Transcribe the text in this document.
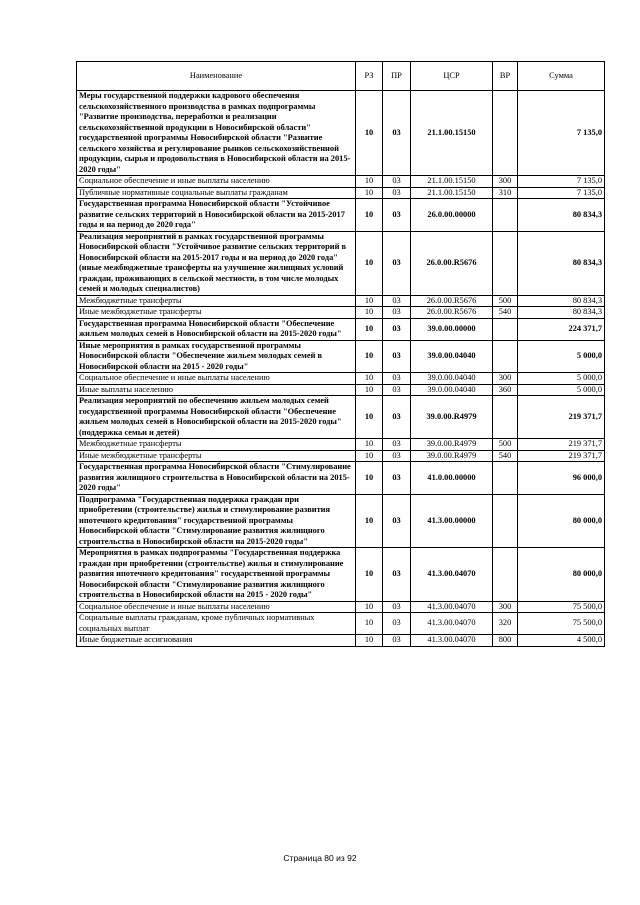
Наименование	РЗ	ПР	ЦСР	ВР	Сумма
Меры государственной поддержки кадрового обеспечения сельскохозяйственного производства в рамках подпрограммы "Развитие производства, переработки и реализации сельскохозяйственной продукции в Новосибирской области" государственной программы Новосибирской области "Развитие сельского хозяйства и регулирование рынков сельскохозяйственной продукции, сырья и продовольствия в Новосибирской области на 2015-2020 годы"	10	03	21.1.00.15150		7 135,0
Социальное обеспечение и иные выплаты населению	10	03	21.1.00.15150	300	7 135,0
Публичные нормативные социальные выплаты гражданам	10	03	21.1.00.15150	310	7 135,0
Государственная программа Новосибирской области "Устойчивое развитие сельских территорий в Новосибирской области на 2015-2017 годы и на период до 2020 года"	10	03	26.0.00.00000		80 834,3
Реализация мероприятий в рамках государственной программы Новосибирской области "Устойчивое развитие сельских территорий в Новосибирской области на 2015-2017 годы и на период до 2020 года" (иные межбюджетные трансферты на улучшение жилищных условий граждан, проживающих в сельской местности, в том числе молодых семей и молодых специалистов)	10	03	26.0.00.R5676		80 834,3
Межбюджетные трансферты	10	03	26.0.00.R5676	500	80 834,3
Иные межбюджетные трансферты	10	03	26.0.00.R5676	540	80 834,3
Государственная программа Новосибирской области "Обеспечение жильем молодых семей в Новосибирской области на 2015-2020 годы"	10	03	39.0.00.00000		224 371,7
Иные мероприятия в рамках государственной программы Новосибирской области "Обеспечение жильем молодых семей в Новосибирской области на 2015 - 2020 годы"	10	03	39.0.00.04040		5 000,0
Социальное обеспечение и иные выплаты населению	10	03	39.0.00.04040	300	5 000,0
Иные выплаты населению	10	03	39.0.00.04040	360	5 000,0
Реализация мероприятий по обеспечению жильем молодых семей государственной программы Новосибирской области "Обеспечение жильем молодых семей в Новосибирской области на 2015-2020 годы" (поддержка семьи и детей)	10	03	39.0.00.R4979		219 371,7
Межбюджетные трансферты	10	03	39.0.00.R4979	500	219 371,7
Иные межбюджетные трансферты	10	03	39.0.00.R4979	540	219 371,7
Государственная программа Новосибирской области "Стимулирование развития жилищного строительства в Новосибирской области на 2015-2020 годы"	10	03	41.0.00.00000		96 000,0
Подпрограмма "Государственная поддержка граждан при приобретении (строительстве) жилья и стимулирование развития ипотечного кредитования" государственной программы Новосибирской области "Стимулирование развития жилищного строительства в Новосибирской области на 2015-2020 годы"	10	03	41.3.00.00000		80 000,0
Мероприятия в рамках подпрограммы "Государственная поддержка граждан при приобретении (строительстве) жилья и стимулирование развития ипотечного кредитования" государственной программы Новосибирской области "Стимулирование развития жилищного строительства в Новосибирской области на 2015 - 2020 годы"	10	03	41.3.00.04070		80 000,0
Социальное обеспечение и иные выплаты населению	10	03	41.3.00.04070	300	75 500,0
Социальные выплаты гражданам, кроме публичных нормативных социальных выплат	10	03	41.3.00.04070	320	75 500,0
Иные бюджетные ассигнования	10	03	41.3.00.04070	800	4 500,0
Страница 80 из 92
